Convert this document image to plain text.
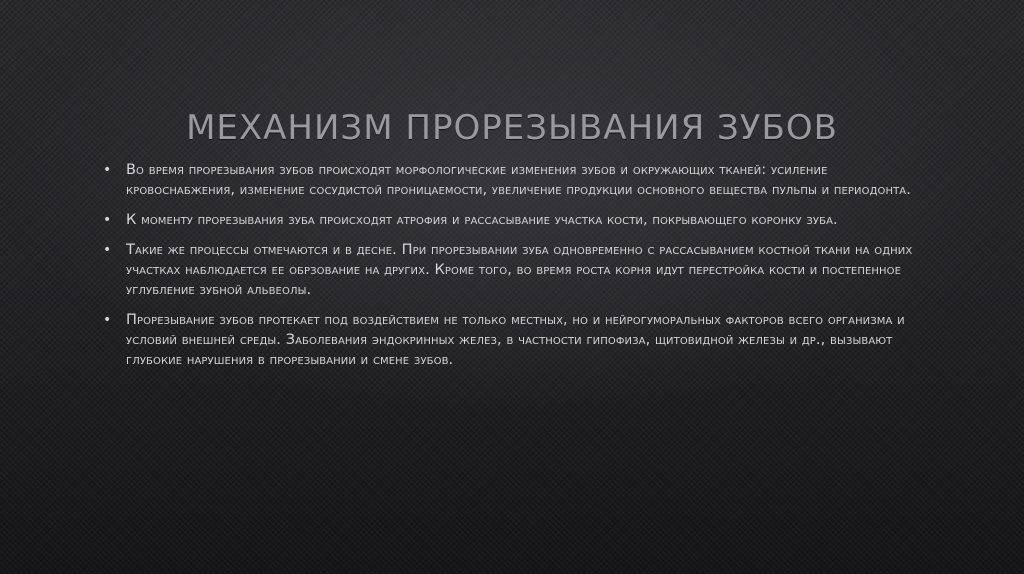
МЕХАНИЗМ ПРОРЕЗЫВАНИЯ ЗУБОВ
• Во время прорезывания зубов происходят морфологические изменения зубов и окружающих тканей: усиление кровоснабжения, изменение сосудистой проницаемости, увеличение продукции основного вещества пульпы и периодонта.
• К моменту прорезывания зуба происходят атрофия и рассасывание участка кости, покрывающего коронку зуба.
• Такие же процессы отмечаются и в десне. При прорезывании зуба одновременно с рассасыванием костной ткани на одних участках наблюдается ее обрзование на других. Кроме того, во время роста корня идут перестройка кости и постепенное углубление зубной альвеолы.
• Прорезывание зубов протекает под воздействием не только местных, но и нейрогуморальных факторов всего организма и условий внешней среды. Заболевания эндокринных желез, в частности гипофиза, щитовидной железы и др., вызывают глубокие нарушения в прорезывании и смене зубов.
